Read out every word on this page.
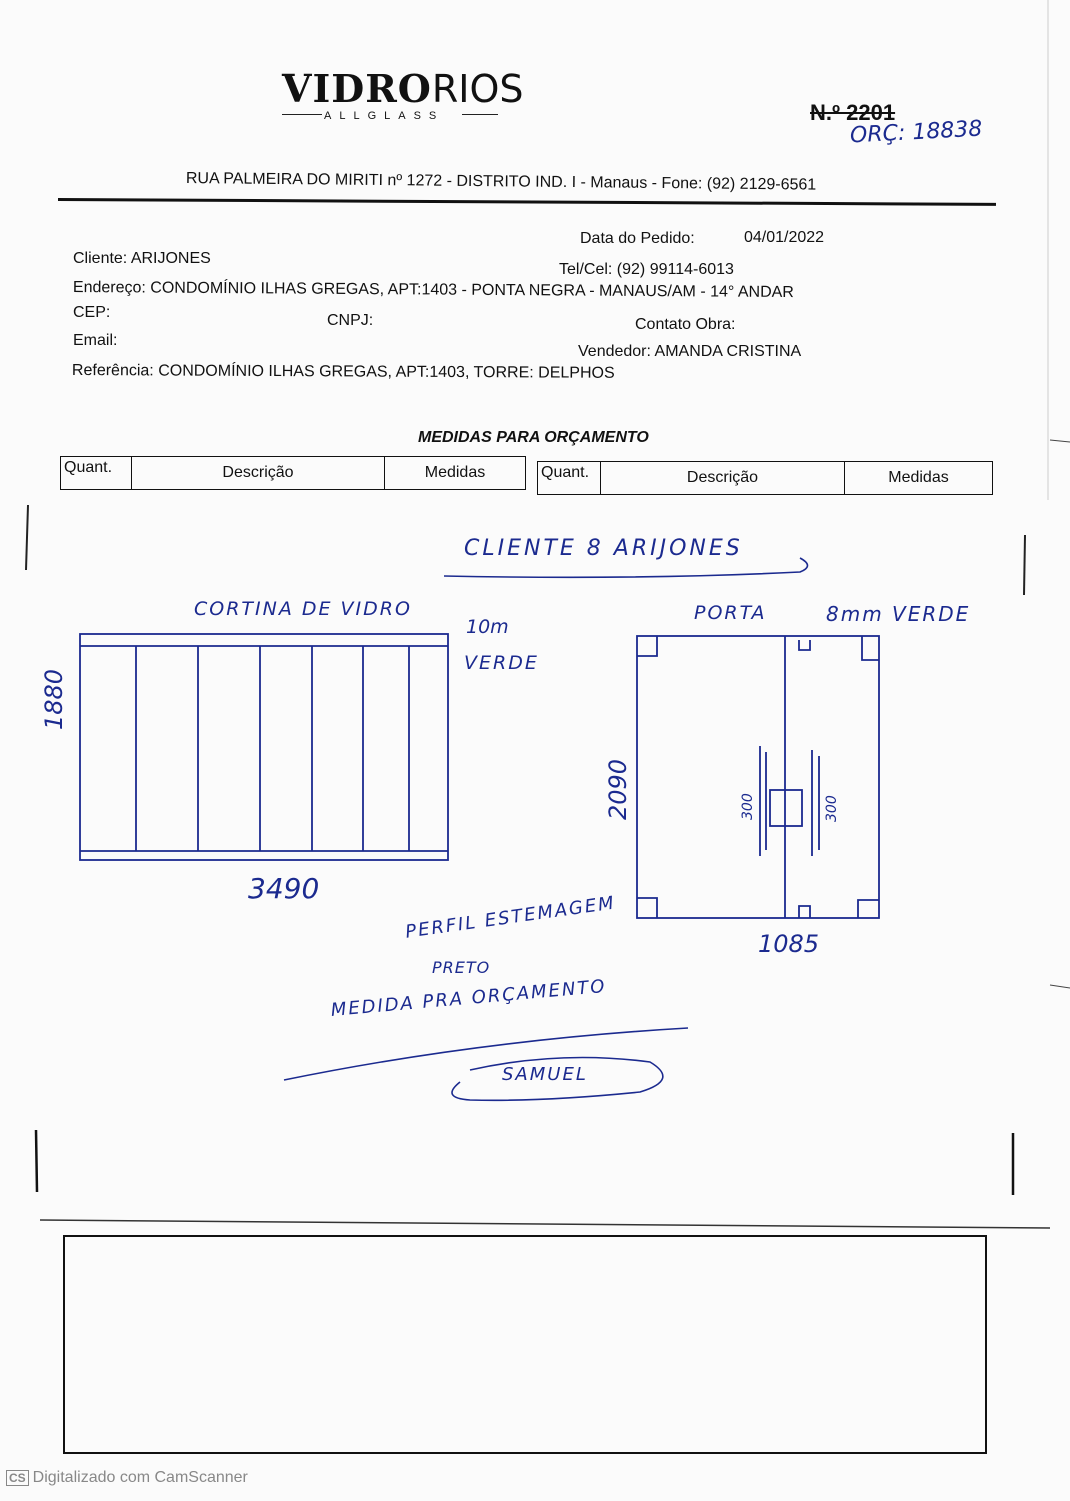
VIDRORIOS
ALLGLASS	N.º 2201
ORÇ: 18838
RUA PALMEIRA DO MIRITI nº 1272 - DISTRITO IND. I - Manaus - Fone: (92) 2129-6561
Data do Pedido:	04/01/2022
Cliente: ARIJONES
Tel/Cel: (92) 99114-6013
Endereço: CONDOMÍNIO ILHAS GREGAS, APT:1403 - PONTA NEGRA - MANAUS/AM - 14° ANDAR
CEP:	CNPJ:	Contato Obra:
Email:
Vendedor: AMANDA CRISTINA
Referência: CONDOMÍNIO ILHAS GREGAS, APT:1403, TORRE: DELPHOS
MEDIDAS PARA ORÇAMENTO
Quant.	Descrição	Medidas	Quant.	Descrição	Medidas
CLIENTE 8 ARIJONES
CORTINA DE VIDRO
10m
VERDE
1880
3490
PORTA	8mm VERDE
2090	300	300
1085
PERFIL ESTEMAGEM
PRETO
MEDIDA PRA ORÇAMENTO
SAMUEL
CS Digitalizado com CamScanner
